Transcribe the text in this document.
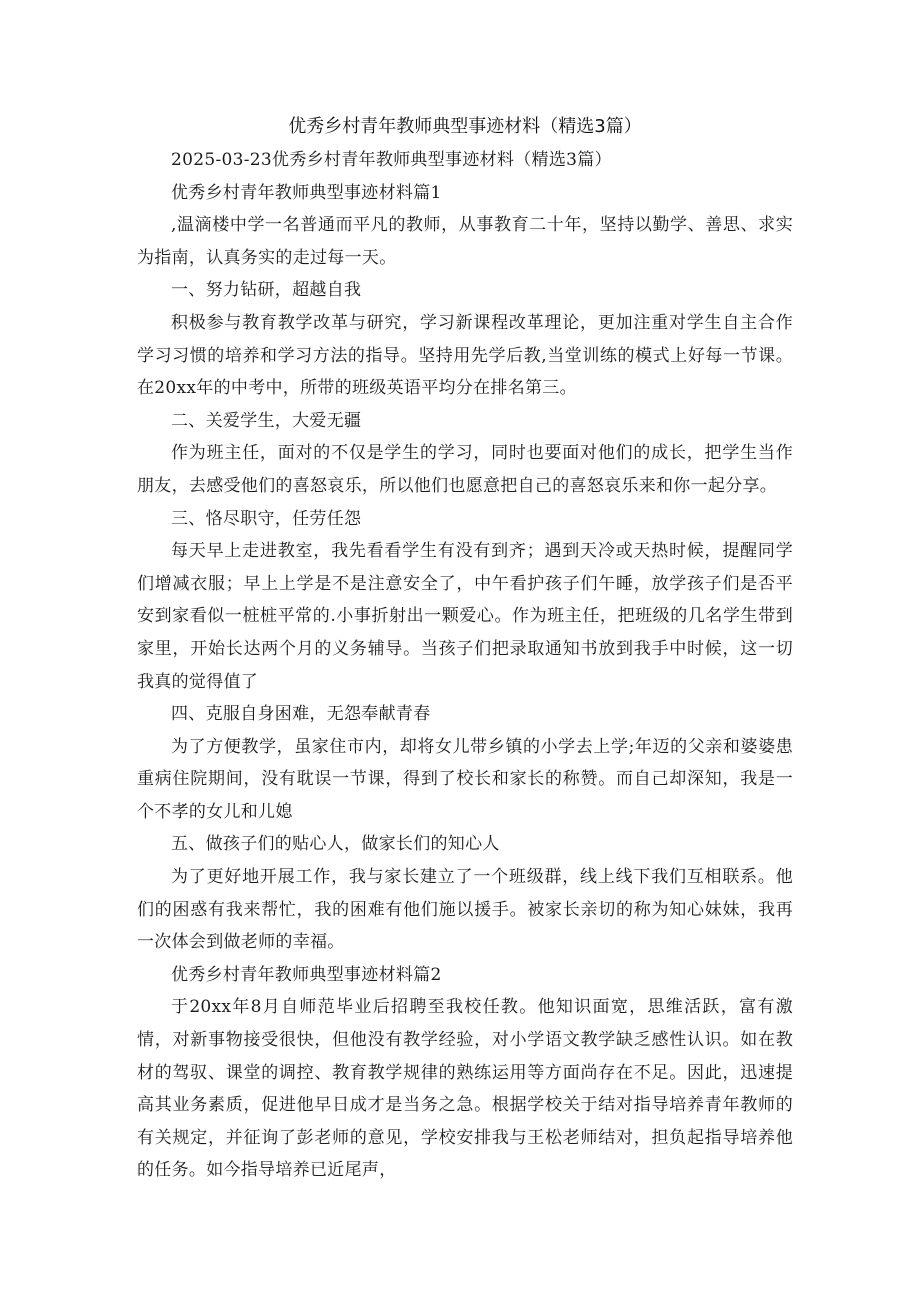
优秀乡村青年教师典型事迹材料（精选3篇）

2025-03-23优秀乡村青年教师典型事迹材料（精选3篇）

优秀乡村青年教师典型事迹材料篇1

,温滴楼中学一名普通而平凡的教师，从事教育二十年，坚持以勤学、善思、求实为指南，认真务实的走过每一天。

一、努力钻研，超越自我

积极参与教育教学改革与研究，学习新课程改革理论，更加注重对学生自主合作学习习惯的培养和学习方法的指导。坚持用先学后教,当堂训练的模式上好每一节课。在20xx年的中考中，所带的班级英语平均分在排名第三。

二、关爱学生，大爱无疆

作为班主任，面对的不仅是学生的学习，同时也要面对他们的成长，把学生当作朋友，去感受他们的喜怒哀乐，所以他们也愿意把自己的喜怒哀乐来和你一起分享。

三、恪尽职守，任劳任怨

每天早上走进教室，我先看看学生有没有到齐；遇到天冷或天热时候，提醒同学们增减衣服；早上上学是不是注意安全了，中午看护孩子们午睡，放学孩子们是否平安到家看似一桩桩平常的.小事折射出一颗爱心。作为班主任，把班级的几名学生带到家里，开始长达两个月的义务辅导。当孩子们把录取通知书放到我手中时候，这一切我真的觉得值了

四、克服自身困难，无怨奉献青春

为了方便教学，虽家住市内，却将女儿带乡镇的小学去上学;年迈的父亲和婆婆患重病住院期间，没有耽误一节课，得到了校长和家长的称赞。而自己却深知，我是一个不孝的女儿和儿媳

五、做孩子们的贴心人，做家长们的知心人

为了更好地开展工作，我与家长建立了一个班级群，线上线下我们互相联系。他们的困惑有我来帮忙，我的困难有他们施以援手。被家长亲切的称为知心妹妹，我再一次体会到做老师的幸福。

优秀乡村青年教师典型事迹材料篇2

于20xx年8月自师范毕业后招聘至我校任教。他知识面宽，思维活跃，富有激情，对新事物接受很快，但他没有教学经验，对小学语文教学缺乏感性认识。如在教材的驾驭、课堂的调控、教育教学规律的熟练运用等方面尚存在不足。因此，迅速提高其业务素质，促进他早日成才是当务之急。根据学校关于结对指导培养青年教师的有关规定，并征询了彭老师的意见，学校安排我与王松老师结对，担负起指导培养他的任务。如今指导培养已近尾声，
